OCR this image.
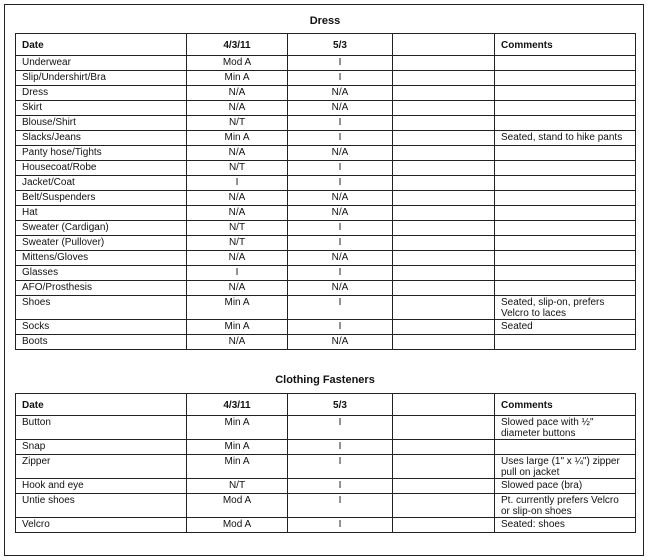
Dress
Date	4/3/11	5/3		Comments
Underwear	Mod A	I		
Slip/Undershirt/Bra	Min A	I		
Dress	N/A	N/A		
Skirt	N/A	N/A		
Blouse/Shirt	N/T	I		
Slacks/Jeans	Min A	I		Seated, stand to hike pants
Panty hose/Tights	N/A	N/A		
Housecoat/Robe	N/T	I		
Jacket/Coat	I	I		
Belt/Suspenders	N/A	N/A		
Hat	N/A	N/A		
Sweater (Cardigan)	N/T	I		
Sweater (Pullover)	N/T	I		
Mittens/Gloves	N/A	N/A		
Glasses	I	I		
AFO/Prosthesis	N/A	N/A		
Shoes	Min A	I		Seated, slip-on, prefers Velcro to laces
Socks	Min A	I		Seated
Boots	N/A	N/A		
Clothing Fasteners
Date	4/3/11	5/3		Comments
Button	Min A	I		Slowed pace with ½" diameter buttons
Snap	Min A	I		
Zipper	Min A	I		Uses large (1" x ¼") zipper pull on jacket
Hook and eye	N/T	I		Slowed pace (bra)
Untie shoes	Mod A	I		Pt. currently prefers Velcro or slip-on shoes
Velcro	Mod A	I		Seated: shoes
